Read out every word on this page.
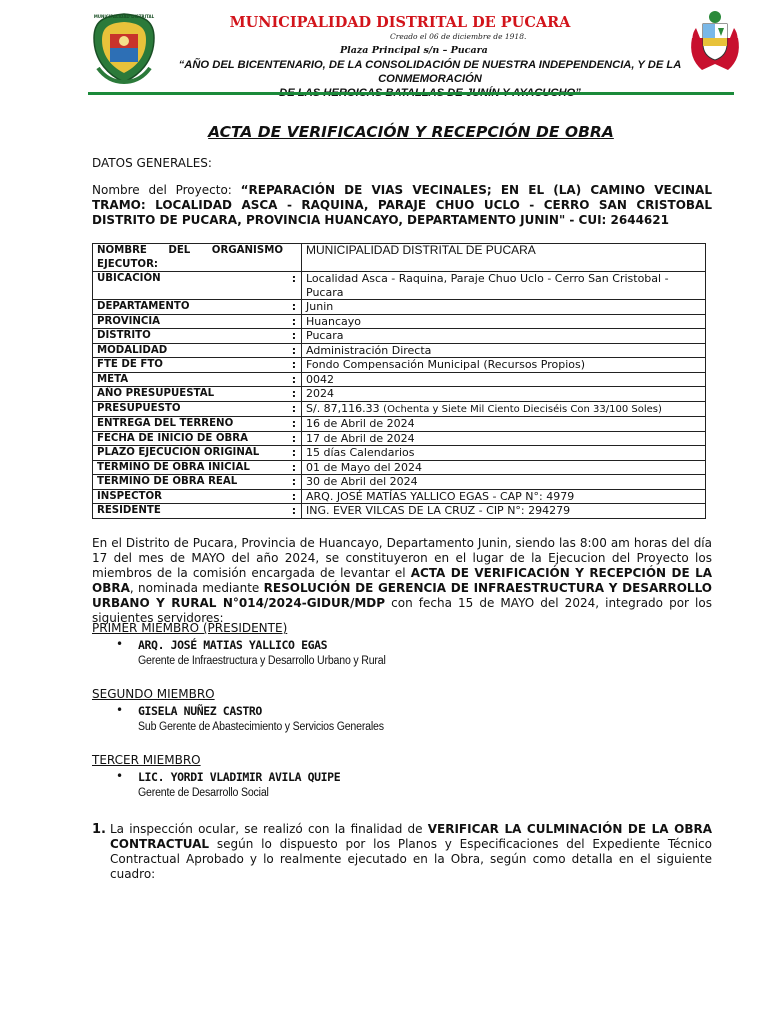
MUNICIPALIDAD DISTRITAL	MUNICIPALIDAD DISTRITAL DE PUCARA
Creado el 06 de diciembre de 1918.
Plaza Principal s/n – Pucara
“AÑO DEL BICENTENARIO, DE LA CONSOLIDACIÓN DE NUESTRA INDEPENDENCIA, Y DE LA CONMEMORACIÓN
ACTA DE VERIFICACIÓN Y RECEPCIÓN DE OBRA
DATOS GENERALES:
Nombre del Proyecto: “REPARACIÓN DE VIAS VECINALES; EN EL (LA) CAMINO VECINAL TRAMO: LOCALIDAD ASCA - RAQUINA, PARAJE CHUO UCLO - CERRO SAN CRISTOBAL DISTRITO DE PUCARA, PROVINCIA HUANCAYO, DEPARTAMENTO JUNIN" - CUI: 2644621
NOMBRE DEL ORGANISMO EJECUTOR:		MUNICIPALIDAD DISTRITAL DE PUCARA
UBICACIÓN	:	Localidad Asca - Raquina, Paraje Chuo Uclo - Cerro San Cristobal - Pucara
DEPARTAMENTO	:	Junin
PROVINCIA	:	Huancayo
DISTRITO	:	Pucara
MODALIDAD	:	Administración Directa
FTE DE FTO	:	Fondo Compensación Municipal (Recursos Propios)
META	:	0042
AÑO PRESUPUESTAL	:	2024
PRESUPUESTO	:	S/. 87,116.33 (Ochenta y Siete Mil Ciento Dieciséis Con 33/100 Soles)
ENTREGA DEL TERRENO	:	16 de Abril de 2024
FECHA DE INICIO DE OBRA	:	17 de Abril de 2024
PLAZO EJECUCIÓN ORIGINAL	:	15 días Calendarios
TERMINO DE OBRA INICIAL	:	01 de Mayo del 2024
TERMINO DE OBRA REAL	:	30 de Abril del 2024
INSPECTOR	:	ARQ. JOSÉ MATÍAS YALLICO EGAS - CAP N°: 4979
RESIDENTE	:	ING. EVER VILCAS DE LA CRUZ - CIP N°: 294279
En el Distrito de Pucara, Provincia de Huancayo, Departamento Junin, siendo las 8:00 am horas del día 17 del mes de MAYO del año 2024, se constituyeron en el lugar de la Ejecucion del Proyecto los miembros de la comisión encargada de levantar el ACTA DE VERIFICACIÓN Y RECEPCIÓN DE LA OBRA, nominada mediante RESOLUCIÓN DE GERENCIA DE INFRAESTRUCTURA Y DESARROLLO URBANO Y RURAL N°014/2024-GIDUR/MDP con fecha 15 de MAYO del 2024, integrado por los siguientes servidores:
PRIMER MIEMBRO (PRESIDENTE)
• ARQ. JOSÉ MATIAS YALLICO EGAS
Gerente de Infraestructura y Desarrollo Urbano y Rural
SEGUNDO MIEMBRO
• GISELA NUÑEZ CASTRO
Sub Gerente de Abastecimiento y Servicios Generales
TERCER MIEMBRO
• LIC. YORDI VLADIMIR AVILA QUIPE
Gerente de Desarrollo Social
1. La inspección ocular, se realizó con la finalidad de VERIFICAR LA CULMINACIÓN DE LA OBRA CONTRACTUAL según lo dispuesto por los Planos y Especificaciones del Expediente Técnico Contractual Aprobado y lo realmente ejecutado en la Obra, según como detalla en el siguiente cuadro:
